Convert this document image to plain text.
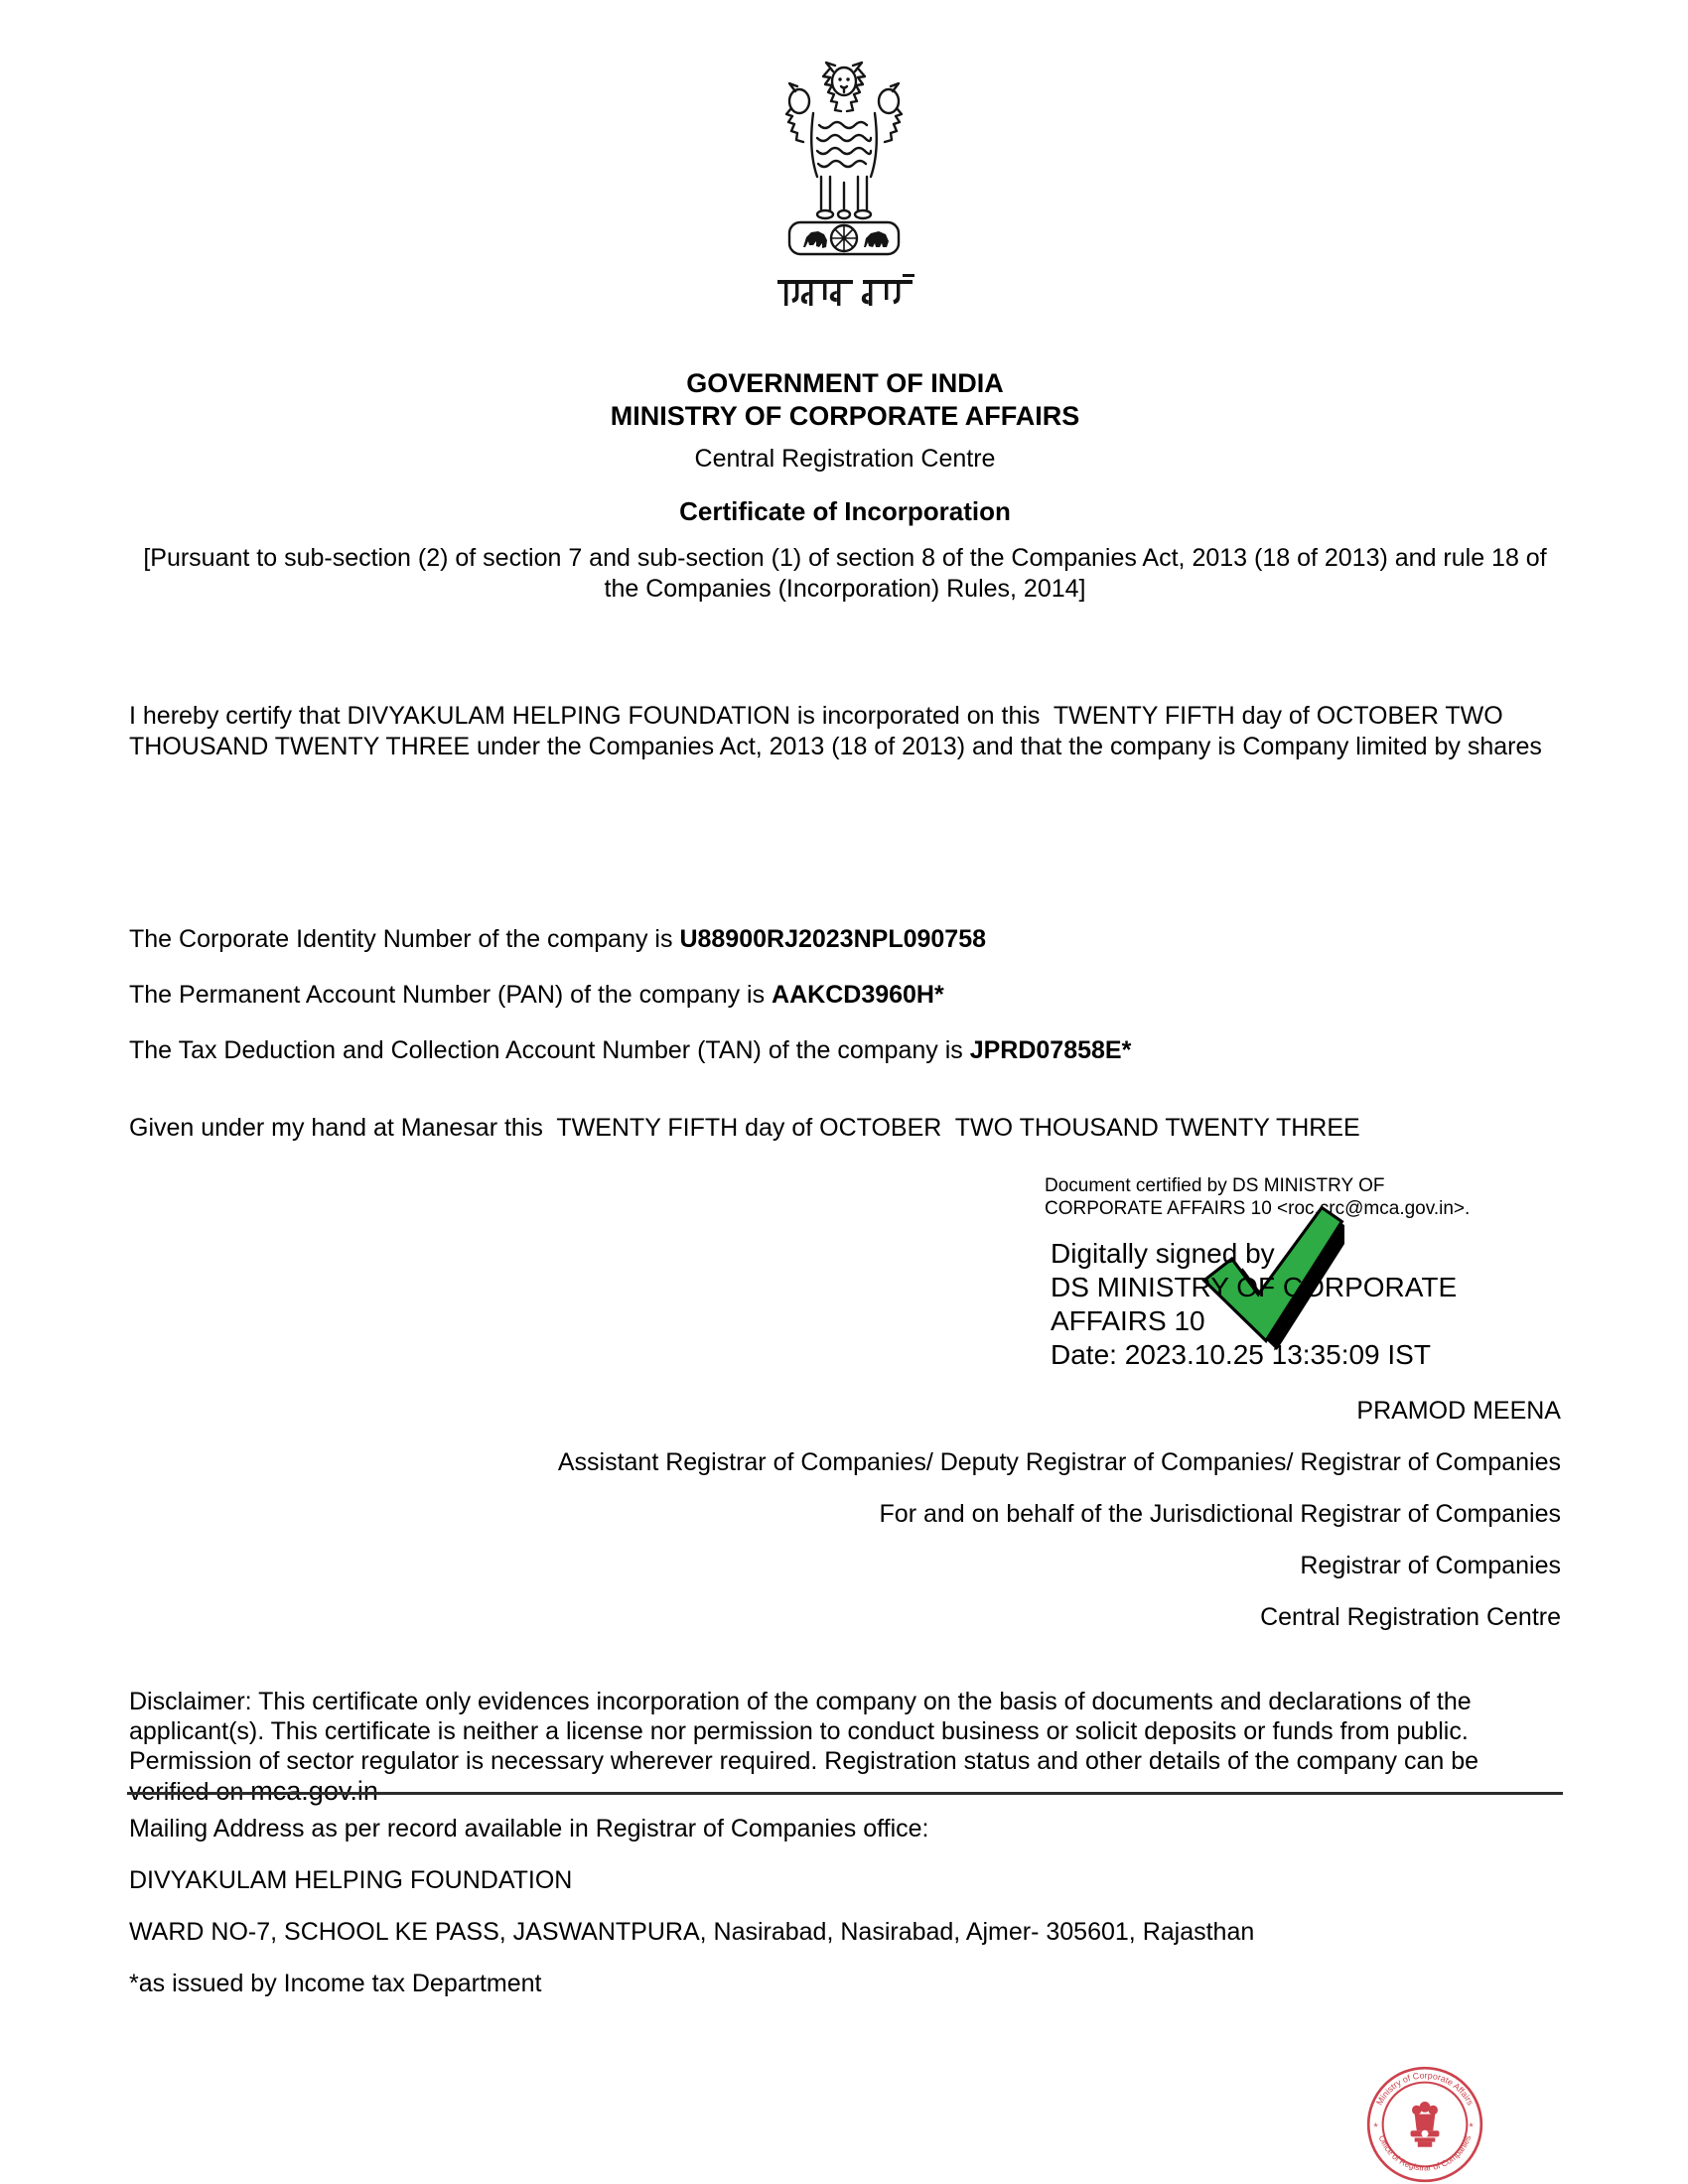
GOVERNMENT OF INDIA
MINISTRY OF CORPORATE AFFAIRS
Central Registration Centre
Certificate of Incorporation
[Pursuant to sub-section (2) of section 7 and sub-section (1) of section 8 of the Companies Act, 2013 (18 of 2013) and rule 18 of the Companies (Incorporation) Rules, 2014]
I hereby certify that DIVYAKULAM HELPING FOUNDATION is incorporated on this  TWENTY FIFTH day of OCTOBER TWO THOUSAND TWENTY THREE under the Companies Act, 2013 (18 of 2013) and that the company is Company limited by shares
The Corporate Identity Number of the company is U88900RJ2023NPL090758
The Permanent Account Number (PAN) of the company is AAKCD3960H*
The Tax Deduction and Collection Account Number (TAN) of the company is JPRD07858E*
Given under my hand at Manesar this  TWENTY FIFTH day of OCTOBER  TWO THOUSAND TWENTY THREE
Document certified by DS MINISTRY OF CORPORATE AFFAIRS 10 <roc.crc@mca.gov.in>.
Digitally signed by
DS MINISTRY OF CORPORATE
AFFAIRS 10
Date: 2023.10.25 13:35:09 IST
PRAMOD MEENA
Assistant Registrar of Companies/ Deputy Registrar of Companies/ Registrar of Companies
For and on behalf of the Jurisdictional Registrar of Companies
Registrar of Companies
Central Registration Centre
Disclaimer: This certificate only evidences incorporation of the company on the basis of documents and declarations of the applicant(s). This certificate is neither a license nor permission to conduct business or solicit deposits or funds from public. Permission of sector regulator is necessary wherever required. Registration status and other details of the company can be verified on mca.gov.in
Mailing Address as per record available in Registrar of Companies office:
DIVYAKULAM HELPING FOUNDATION
WARD NO-7, SCHOOL KE PASS, JASWANTPURA, Nasirabad, Nasirabad, Ajmer- 305601, Rajasthan
*as issued by Income tax Department
Ministry of Corporate Affairs
Office of Registrar of Companies
*	*
